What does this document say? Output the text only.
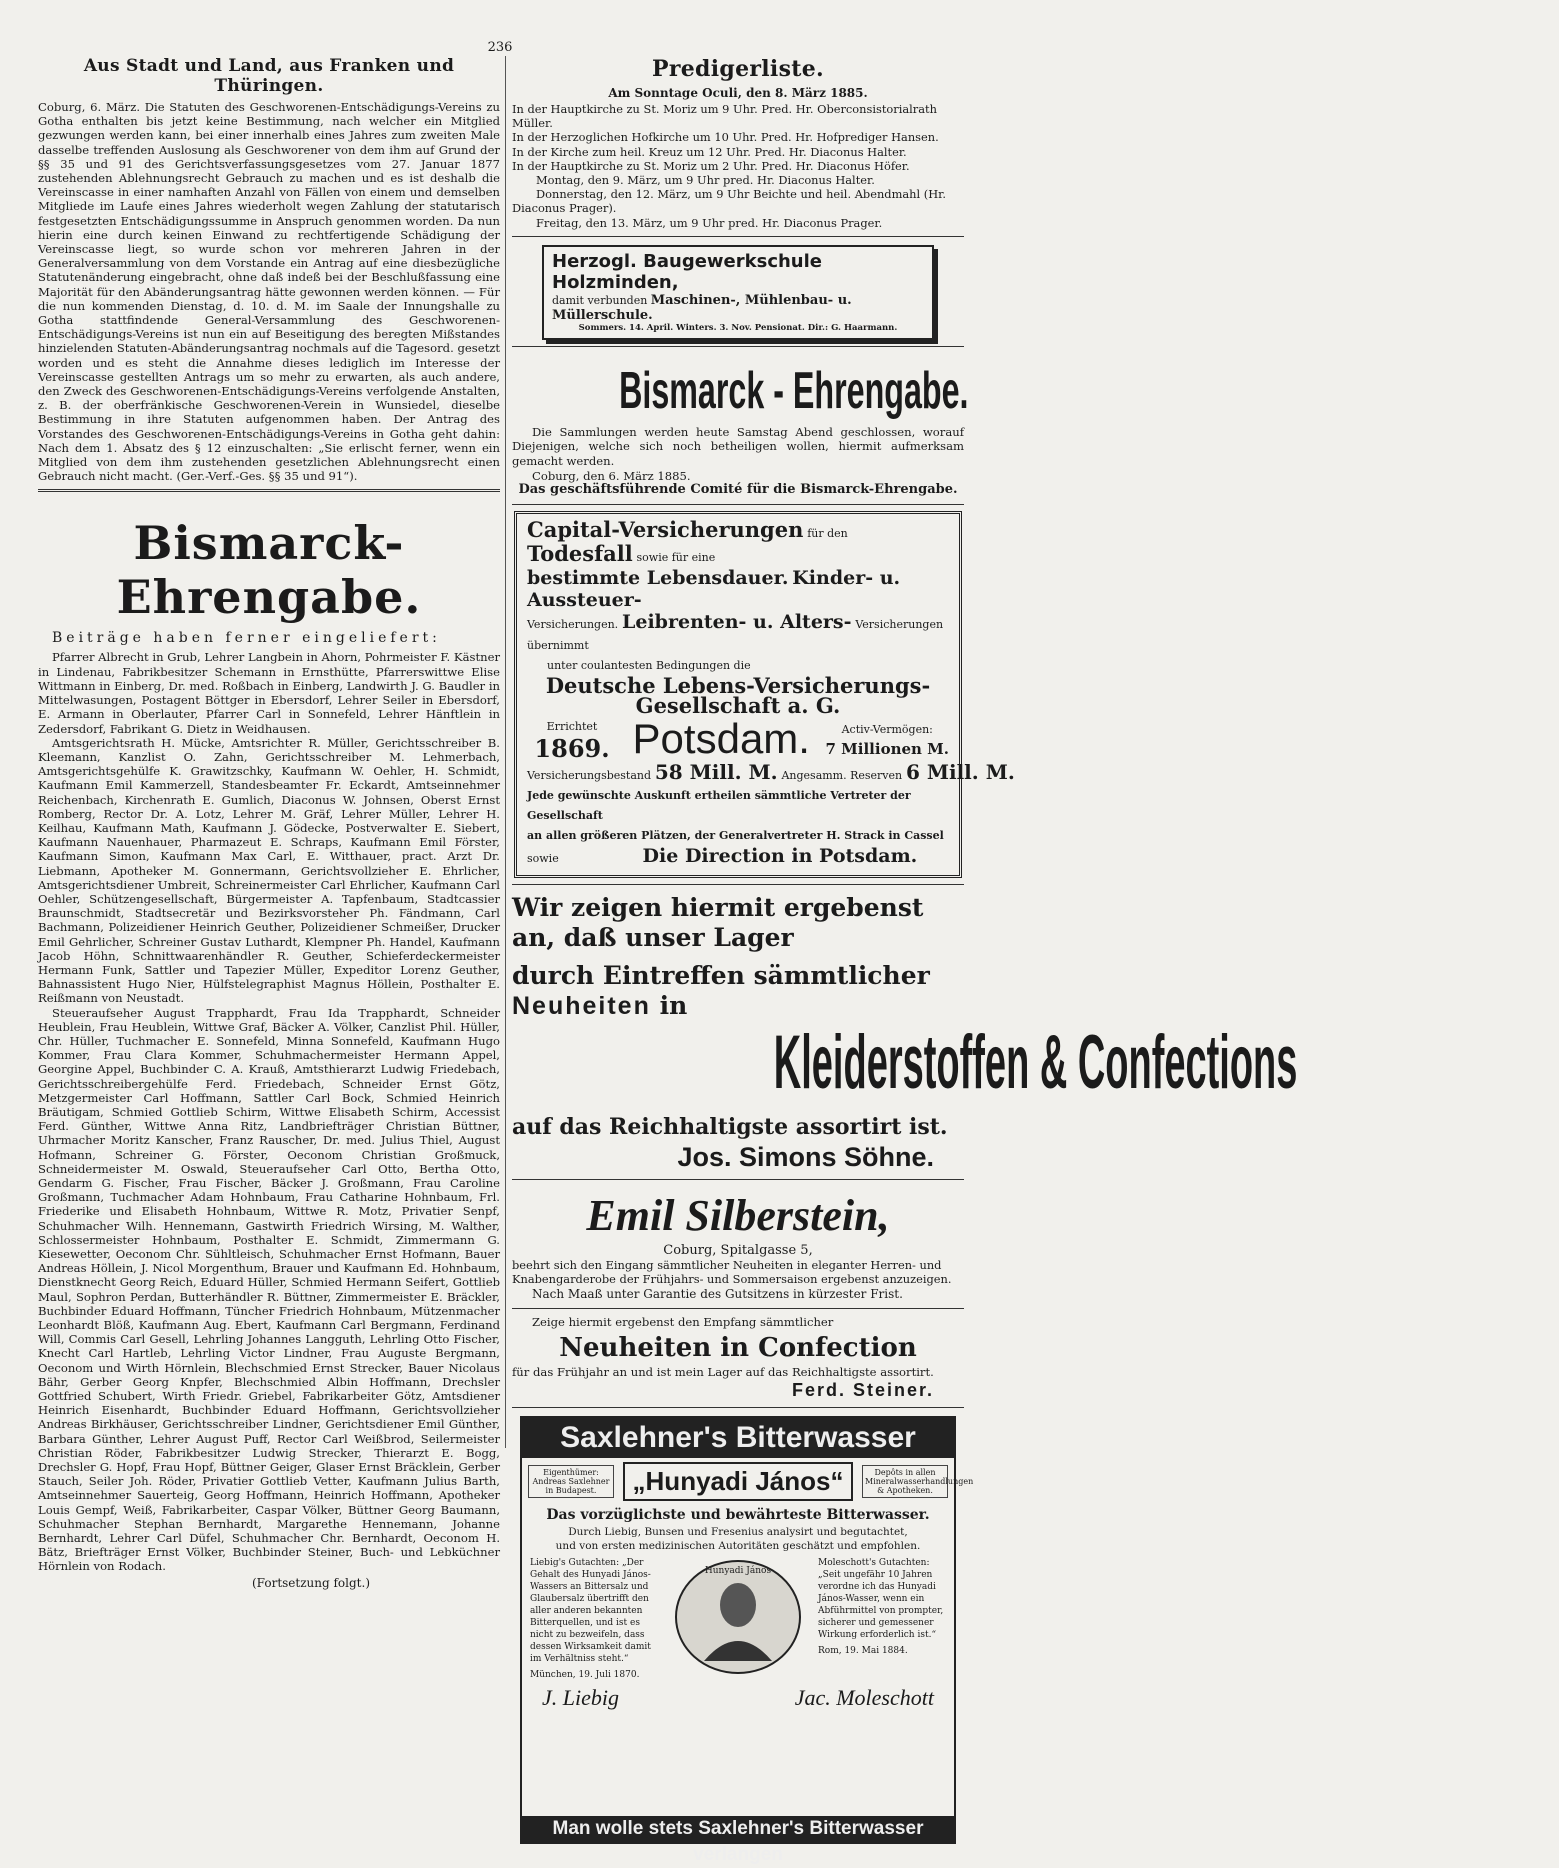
236
Aus Stadt und Land, aus Franken und Thüringen.

Coburg, 6. März. Die Statuten des Geschworenen-Entschädigungs-Vereins zu Gotha enthalten bis jetzt keine Bestimmung, nach welcher ein Mitglied gezwungen werden kann, bei einer innerhalb eines Jahres zum zweiten Male dasselbe treffenden Auslosung als Geschworener von dem ihm auf Grund der §§ 35 und 91 des Gerichtsverfassungsgesetzes vom 27. Januar 1877 zustehenden Ablehnungsrecht Gebrauch zu machen und es ist deshalb die Vereinscasse in einer namhaften Anzahl von Fällen von einem und demselben Mitgliede im Laufe eines Jahres wiederholt wegen Zahlung der statutarisch festgesetzten Entschädigungssumme in Anspruch genommen worden. Da nun hierin eine durch keinen Einwand zu rechtfertigende Schädigung der Vereinscasse liegt, so wurde schon vor mehreren Jahren in der Generalversammlung von dem Vorstande ein Antrag auf eine diesbezügliche Statutenänderung eingebracht, ohne daß indeß bei der Beschlußfassung eine Majorität für den Abänderungsantrag hätte gewonnen werden können. — Für die nun kommenden Dienstag, d. 10. d. M. im Saale der Innungshalle zu Gotha stattfindende General-Versammlung des Geschworenen-Entschädigungs-Vereins ist nun ein auf Beseitigung des beregten Mißstandes hinzielenden Statuten-Abänderungsantrag nochmals auf die Tagesord. gesetzt worden und es steht die Annahme dieses lediglich im Interesse der Vereinscasse gestellten Antrags um so mehr zu erwarten, als auch andere, den Zweck des Geschworenen-Entschädigungs-Vereins verfolgende Anstalten, z. B. der oberfränkische Geschworenen-Verein in Wunsiedel, dieselbe Bestimmung in ihre Statuten aufgenommen haben. Der Antrag des Vorstandes des Geschworenen-Entschädigungs-Vereins in Gotha geht dahin: Nach dem 1. Absatz des § 12 einzuschalten: „Sie erlischt ferner, wenn ein Mitglied von dem ihm zustehenden gesetzlichen Ablehnungsrecht einen Gebrauch nicht macht. (Ger.-Verf.-Ges. §§ 35 und 91“).

Bismarck-Ehrengabe.
Beiträge haben ferner eingeliefert:

Pfarrer Albrecht in Grub, Lehrer Langbein in Ahorn, Pohrmeister F. Kästner in Lindenau, Fabrikbesitzer Schemann in Ernsthütte, Pfarrerswittwe Elise Wittmann in Einberg, Dr. med. Roßbach in Einberg, Landwirth J. G. Baudler in Mittelwasungen, Postagent Böttger in Ebersdorf, Lehrer Seiler in Ebersdorf, E. Armann in Oberlauter, Pfarrer Carl in Sonnefeld, Lehrer Hänftlein in Zedersdorf, Fabrikant G. Dietz in Weidhausen.

Amtsgerichtsrath H. Mücke, Amtsrichter R. Müller, Gerichtsschreiber B. Kleemann, Kanzlist O. Zahn, Gerichtsschreiber M. Lehmerbach, Amtsgerichtsgehülfe K. Grawitzschky, Kaufmann W. Oehler, H. Schmidt, Kaufmann Emil Kammerzell, Standesbeamter Fr. Eckardt, Amtseinnehmer Reichenbach, Kirchenrath E. Gumlich, Diaconus W. Johnsen, Oberst Ernst Romberg, Rector Dr. A. Lotz, Lehrer M. Gräf, Lehrer Müller, Lehrer H. Keilhau, Kaufmann Math, Kaufmann J. Gödecke, Postverwalter E. Siebert, Kaufmann Nauenhauer, Pharmazeut E. Schraps, Kaufmann Emil Förster, Kaufmann Simon, Kaufmann Max Carl, E. Witthauer, pract. Arzt Dr. Liebmann, Apotheker M. Gonnermann, Gerichtsvollzieher E. Ehrlicher, Amtsgerichtsdiener Umbreit, Schreinermeister Carl Ehrlicher, Kaufmann Carl Oehler, Schützengesellschaft, Bürgermeister A. Tapfenbaum, Stadtcassier Braunschmidt, Stadtsecretär und Bezirksvorsteher Ph. Fändmann, Carl Bachmann, Polizeidiener Heinrich Geuther, Polizeidiener Schmeißer, Drucker Emil Gehrlicher, Schreiner Gustav Luthardt, Klempner Ph. Handel, Kaufmann Jacob Höhn, Schnittwaarenhändler R. Geuther, Schieferdeckermeister Hermann Funk, Sattler und Tapezier Müller, Expeditor Lorenz Geuther, Bahnassistent Hugo Nier, Hülfstelegraphist Magnus Höllein, Posthalter E. Reißmann von Neustadt.

Steueraufseher August Trapphardt, Frau Ida Trapphardt, Schneider Heublein, Frau Heublein, Wittwe Graf, Bäcker A. Völker, Canzlist Phil. Hüller, Chr. Hüller, Tuchmacher E. Sonnefeld, Minna Sonnefeld, Kaufmann Hugo Kommer, Frau Clara Kommer, Schuhmachermeister Hermann Appel, Georgine Appel, Buchbinder C. A. Krauß, Amtsthierarzt Ludwig Friedebach, Gerichtsschreibergehülfe Ferd. Friedebach, Schneider Ernst Götz, Metzgermeister Carl Hoffmann, Sattler Carl Bock, Schmied Heinrich Bräutigam, Schmied Gottlieb Schirm, Wittwe Elisabeth Schirm, Accessist Ferd. Günther, Wittwe Anna Ritz, Landbriefträger Christian Büttner, Uhrmacher Moritz Kanscher, Franz Rauscher, Dr. med. Julius Thiel, August Hofmann, Schreiner G. Förster, Oeconom Christian Großmuck, Schneidermeister M. Oswald, Steueraufseher Carl Otto, Bertha Otto, Gendarm G. Fischer, Frau Fischer, Bäcker J. Großmann, Frau Caroline Großmann, Tuchmacher Adam Hohnbaum, Frau Catharine Hohnbaum, Frl. Friederike und Elisabeth Hohnbaum, Wittwe R. Motz, Privatier Senpf, Schuhmacher Wilh. Hennemann, Gastwirth Friedrich Wirsing, M. Walther, Schlossermeister Hohnbaum, Posthalter E. Schmidt, Zimmermann G. Kiesewetter, Oeconom Chr. Sühltleisch, Schuhmacher Ernst Hofmann, Bauer Andreas Höllein, J. Nicol Morgenthum, Brauer und Kaufmann Ed. Hohnbaum, Dienstknecht Georg Reich, Eduard Hüller, Schmied Hermann Seifert, Gottlieb Maul, Sophron Perdan, Butterhändler R. Büttner, Zimmermeister E. Bräckler, Buchbinder Eduard Hoffmann, Tüncher Friedrich Hohnbaum, Mützenmacher Leonhardt Blöß, Kaufmann Aug. Ebert, Kaufmann Carl Bergmann, Ferdinand Will, Commis Carl Gesell, Lehrling Johannes Langguth, Lehrling Otto Fischer, Knecht Carl Hartleb, Lehrling Victor Lindner, Frau Auguste Bergmann, Oeconom und Wirth Hörnlein, Blechschmied Ernst Strecker, Bauer Nicolaus Bähr, Gerber Georg Knpfer, Blechschmied Albin Hoffmann, Drechsler Gottfried Schubert, Wirth Friedr. Griebel, Fabrikarbeiter Götz, Amtsdiener Heinrich Eisenhardt, Buchbinder Eduard Hoffmann, Gerichtsvollzieher Andreas Birkhäuser, Gerichtsschreiber Lindner, Gerichtsdiener Emil Günther, Barbara Günther, Lehrer August Puff, Rector Carl Weißbrod, Seilermeister Christian Röder, Fabrikbesitzer Ludwig Strecker, Thierarzt E. Bogg, Drechsler G. Hopf, Frau Hopf, Büttner Geiger, Glaser Ernst Bräcklein, Gerber Stauch, Seiler Joh. Röder, Privatier Gottlieb Vetter, Kaufmann Julius Barth, Amtseinnehmer Sauerteig, Georg Hoffmann, Heinrich Hoffmann, Apotheker Louis Gempf, Weiß, Fabrikarbeiter, Caspar Völker, Büttner Georg Baumann, Schuhmacher Stephan Bernhardt, Margarethe Hennemann, Johanne Bernhardt, Lehrer Carl Düfel, Schuhmacher Chr. Bernhardt, Oeconom H. Bätz, Briefträger Ernst Völker, Buchbinder Steiner, Buch- und Lebküchner Hörnlein von Rodach.

(Fortsetzung folgt.)
Predigerliste.
Am Sonntage Oculi, den 8. März 1885.

In der Hauptkirche zu St. Moriz um 9 Uhr. Pred. Hr. Oberconsistorialrath Müller.

In der Herzoglichen Hofkirche um 10 Uhr. Pred. Hr. Hofprediger Hansen.

In der Kirche zum heil. Kreuz um 12 Uhr. Pred. Hr. Diaconus Halter.

In der Hauptkirche zu St. Moriz um 2 Uhr. Pred. Hr. Diaconus Höfer.

Montag, den 9. März, um 9 Uhr pred. Hr. Diaconus Halter.

Donnerstag, den 12. März, um 9 Uhr Beichte und heil. Abendmahl (Hr. Diaconus Prager).

Freitag, den 13. März, um 9 Uhr pred. Hr. Diaconus Prager.

Herzogl. Baugewerkschule Holzminden,
damit verbunden Maschinen-, Mühlenbau- u. Müllerschule.
Sommers. 14. April. Winters. 3. Nov. Pensionat. Dir.: G. Haarmann.
Bismarck - Ehrengabe.

Die Sammlungen werden heute Samstag Abend geschlossen, worauf Diejenigen, welche sich noch betheiligen wollen, hiermit aufmerksam gemacht werden.

Coburg, den 6. März 1885.

Das geschäftsführende Comité für die Bismarck-Ehrengabe.

Capital-Versicherungen für den Todesfall sowie für eine
bestimmte Lebensdauer. Kinder- u. Aussteuer-
Versicherungen. Leibrenten- u. Alters- Versicherungen übernimmt
unter coulantesten Bedingungen die
Deutsche Lebens-Versicherungs-Gesellschaft a. G.
Errichtet
1869. Potsdam.	Activ-Vermögen:
7 Millionen M.
Versicherungsbestand 58 Mill. M. Angesamm. Reserven 6 Mill. M.
Jede gewünschte Auskunft ertheilen sämmtliche Vertreter der Gesellschaft
an allen größeren Plätzen, der Generalvertreter H. Strack in Cassel
sowie	Die Direction in Potsdam.
Wir zeigen hiermit ergebenst an, daß unser Lager
durch Eintreffen sämmtlicher Neuheiten in
Kleiderstoffen & Confections
auf das Reichhaltigste assortirt ist.
Jos. Simons Söhne.
Emil Silberstein,
Coburg, Spitalgasse 5,

beehrt sich den Eingang sämmtlicher Neuheiten in eleganter Herren- und Knabengarderobe der Frühjahrs- und Sommersaison ergebenst anzuzeigen.

Nach Maaß unter Garantie des Gutsitzens in kürzester Frist.

Zeige hiermit ergebenst den Empfang sämmtlicher

Neuheiten in Confection

für das Frühjahr an und ist mein Lager auf das Reichhaltigste assortirt.

Ferd. Steiner.
Saxlehner's Bitterwasser
Eigenthümer: Andreas Saxlehner in Budapest.	„Hunyadi János“	Depôts in allen Mineralwasserhandlungen & Apotheken.
Das vorzüglichste und bewährteste Bitterwasser.

Durch Liebig, Bunsen und Fresenius analysirt und begutachtet,

und von ersten medizinischen Autoritäten geschätzt und empfohlen.

Liebig's Gutachten: „Der Gehalt des Hunyadi János-Wassers an Bittersalz und Glaubersalz übertrifft den aller anderen bekannten Bitterquellen, und ist es nicht zu bezweifeln, dass dessen Wirksamkeit damit im Verhältniss steht.“
München, 19. Juli 1870.
Hunyadi János
Moleschott's Gutachten: „Seit ungefähr 10 Jahren verordne ich das Hunyadi János-Wasser, wenn ein Abführmittel von prompter, sicherer und gemessener Wirkung erforderlich ist.“
Rom, 19. Mai 1884.
J. Liebig	Jac. Moleschott
Man wolle stets Saxlehner's Bitterwasser verlangen
